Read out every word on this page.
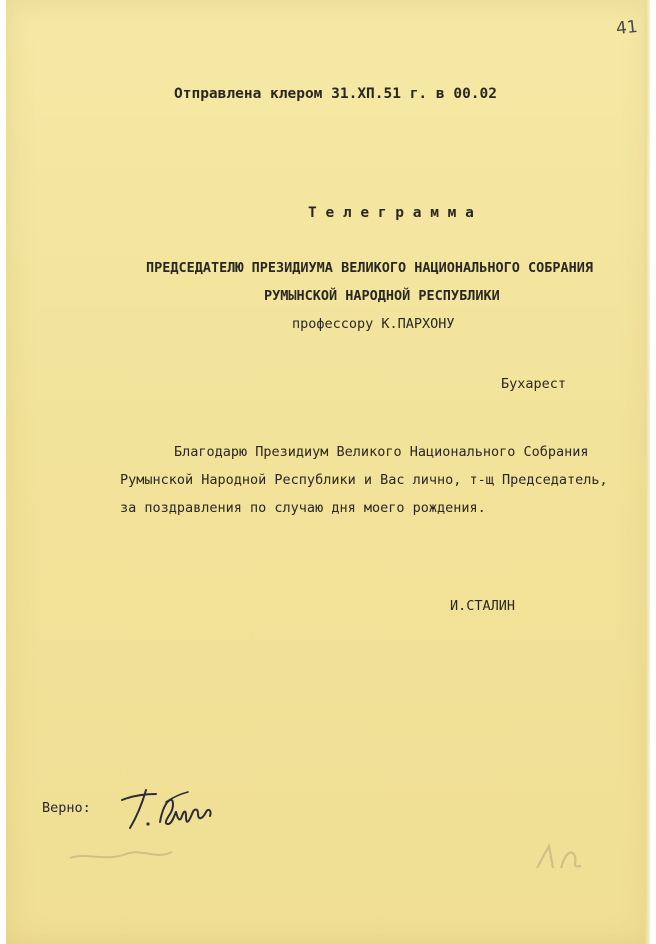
41
Отправлена клером 31.ХП.51 г. в 00.02
Т е л е г р а м м а
ПРЕДСЕДАТЕЛЮ ПРЕЗИДИУМА ВЕЛИКОГО НАЦИОНАЛЬНОГО СОБРАНИЯ
РУМЫНСКОЙ НАРОДНОЙ РЕСПУБЛИКИ
профессору К.ПАРХОНУ
Бухарест
Благодарю Президиум Великого Национального Собрания
Румынской Народной Республики и Вас лично, т-щ Председатель,
за поздравления по случаю дня моего рождения.
И.СТАЛИН
Верно:
